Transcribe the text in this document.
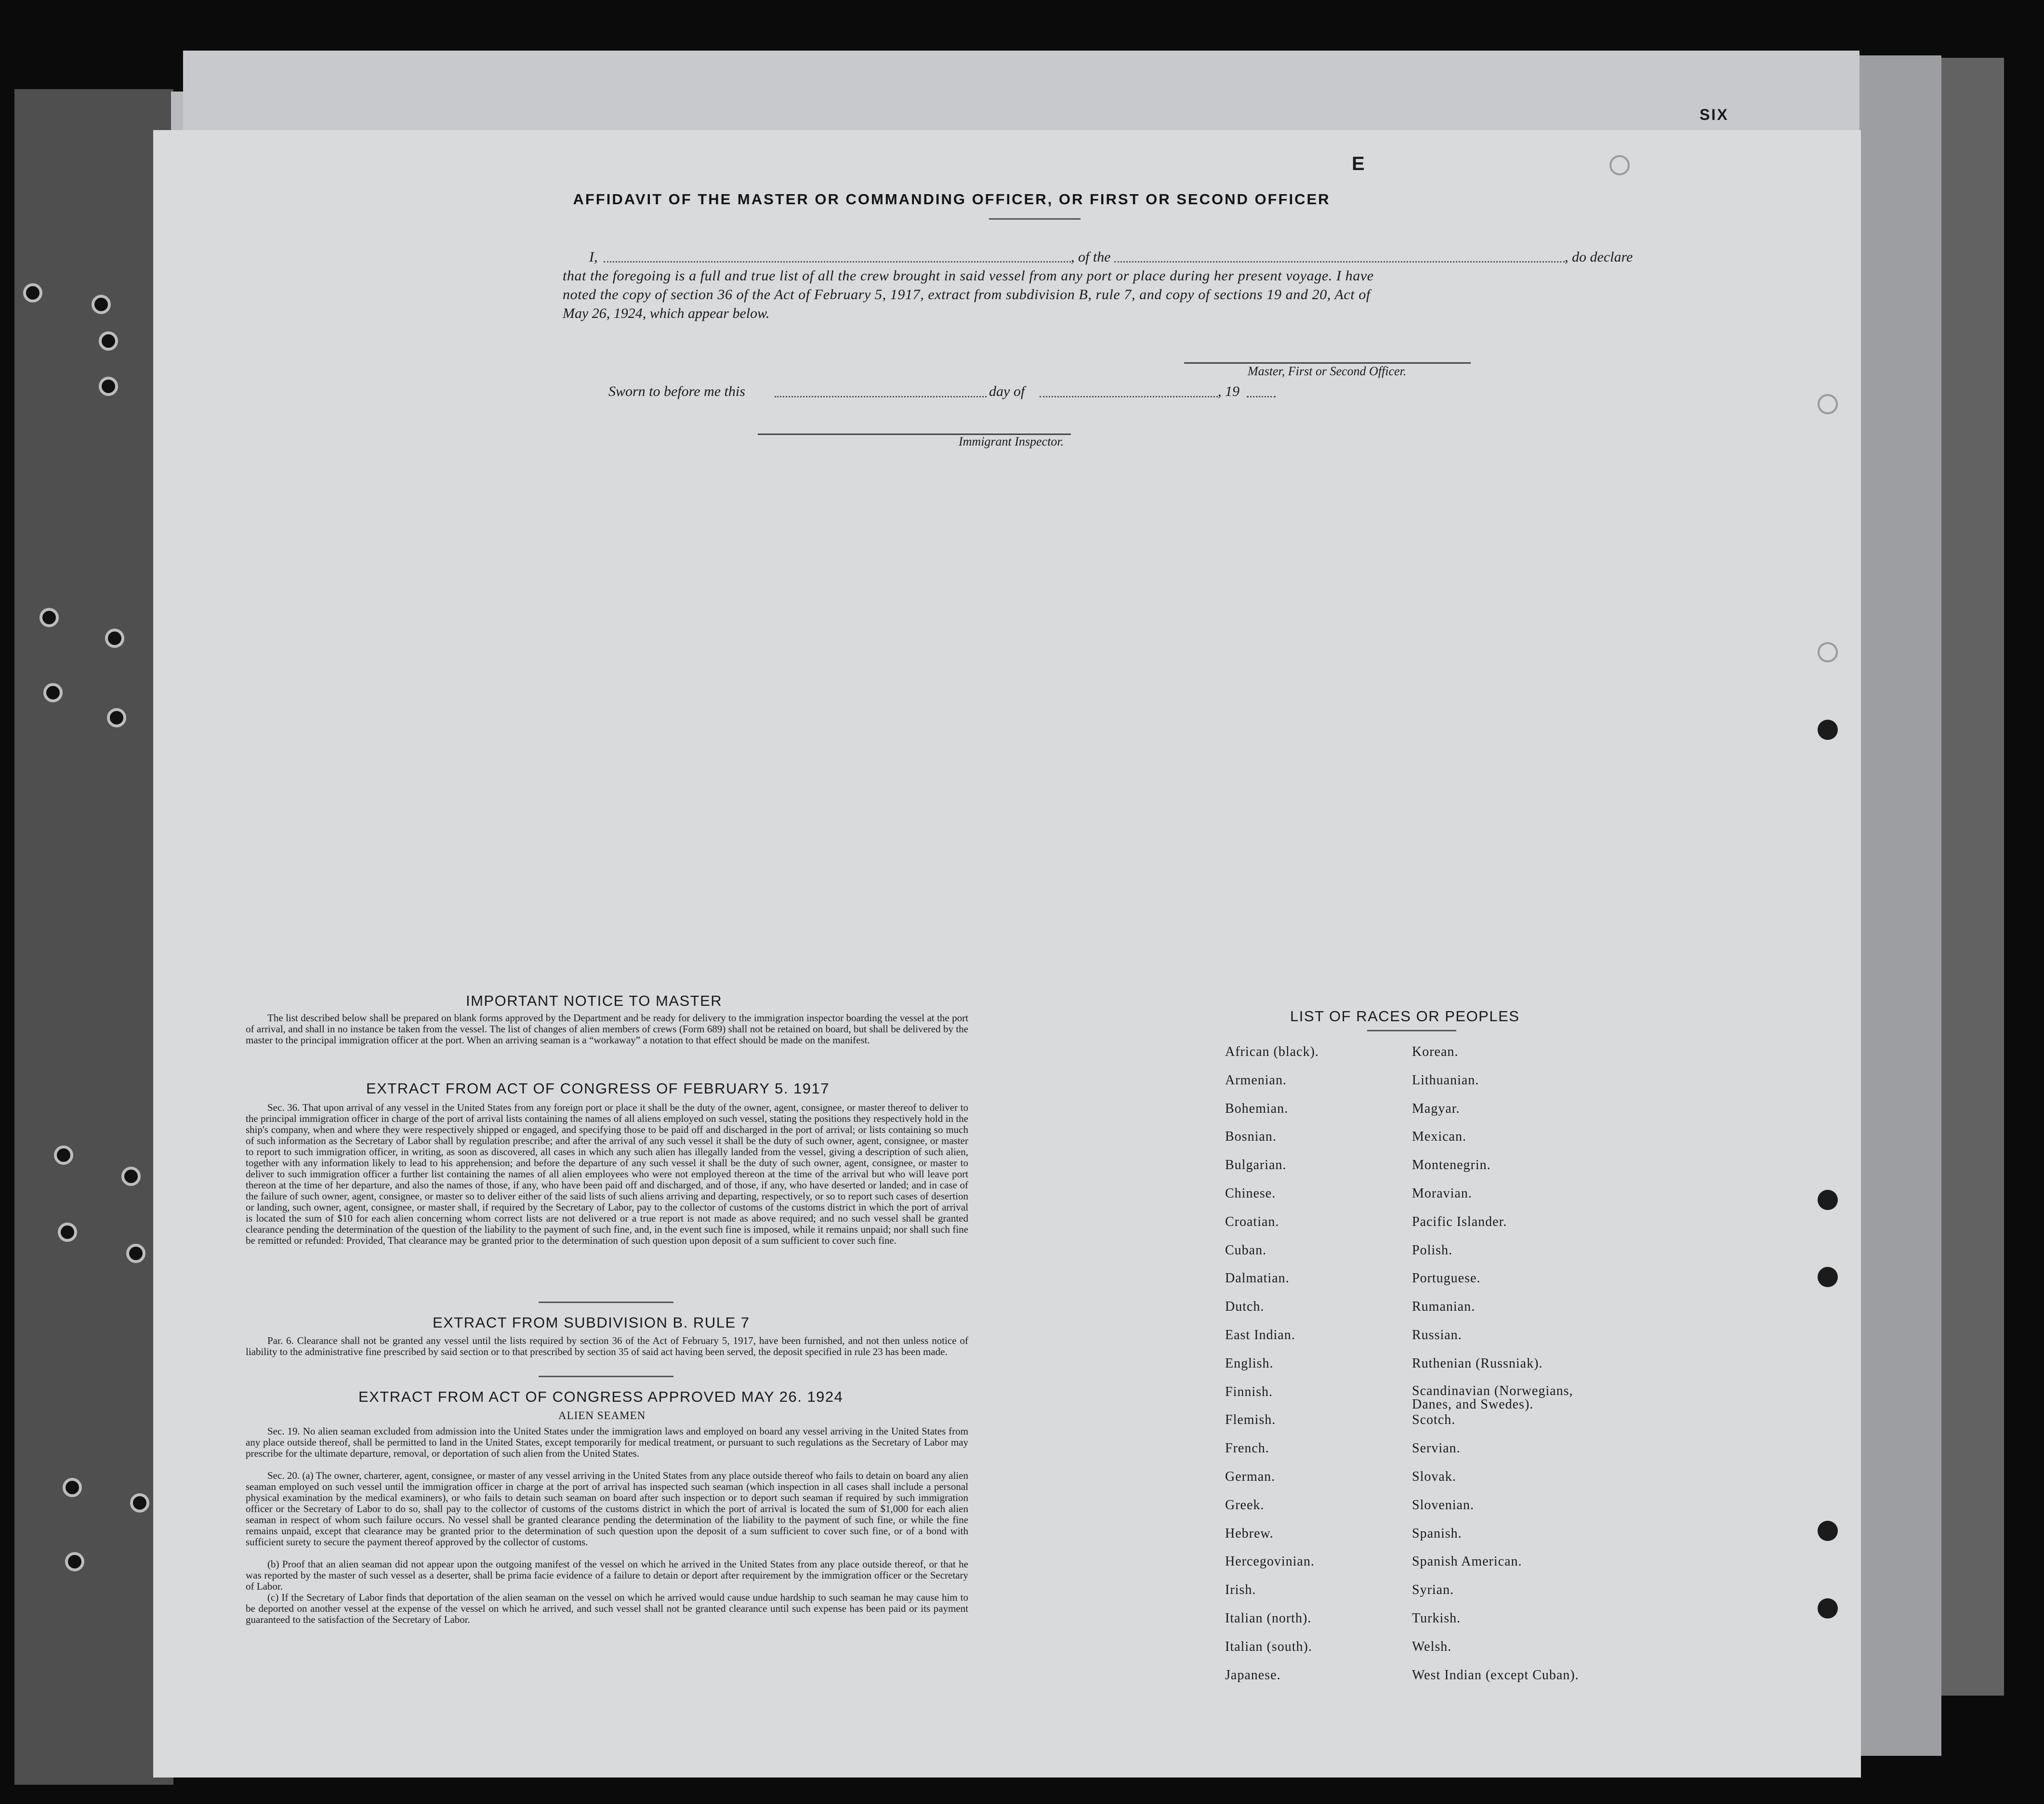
SIX
E
AFFIDAVIT OF THE MASTER OR COMMANDING OFFICER, OR FIRST OR SECOND OFFICER
I,	, of the	, do declare
that the foregoing is a full and true list of all the crew brought in said vessel from any port or place during her present voyage. I have
noted the copy of section 36 of the Act of February 5, 1917, extract from subdivision B, rule 7, and copy of sections 19 and 20, Act of
May 26, 1924, which appear below.
Master, First or Second Officer.
Sworn to before me this	day of	, 19
Immigrant Inspector.
IMPORTANT NOTICE TO MASTER
The list described below shall be prepared on blank forms approved by the Department and be ready for delivery to the immigration inspector boarding the vessel at the port of arrival, and shall in no instance be taken from the vessel. The list of changes of alien members of crews (Form 689) shall not be retained on board, but shall be delivered by the master to the principal immigration officer at the port. When an arriving seaman is a “workaway” a notation to that effect should be made on the manifest.
EXTRACT FROM ACT OF CONGRESS OF FEBRUARY 5. 1917
Sec. 36. That upon arrival of any vessel in the United States from any foreign port or place it shall be the duty of the owner, agent, consignee, or master thereof to deliver to the principal immigration officer in charge of the port of arrival lists containing the names of all aliens employed on such vessel, stating the positions they respectively hold in the ship's company, when and where they were respectively shipped or engaged, and specifying those to be paid off and discharged in the port of arrival; or lists containing so much of such information as the Secretary of Labor shall by regulation prescribe; and after the arrival of any such vessel it shall be the duty of such owner, agent, consignee, or master to report to such immigration officer, in writing, as soon as discovered, all cases in which any such alien has illegally landed from the vessel, giving a description of such alien, together with any information likely to lead to his apprehension; and before the departure of any such vessel it shall be the duty of such owner, agent, consignee, or master to deliver to such immigration officer a further list containing the names of all alien employees who were not employed thereon at the time of the arrival but who will leave port thereon at the time of her departure, and also the names of those, if any, who have been paid off and discharged, and of those, if any, who have deserted or landed; and in case of the failure of such owner, agent, consignee, or master so to deliver either of the said lists of such aliens arriving and departing, respectively, or so to report such cases of desertion or landing, such owner, agent, consignee, or master shall, if required by the Secretary of Labor, pay to the collector of customs of the customs district in which the port of arrival is located the sum of $10 for each alien concerning whom correct lists are not delivered or a true report is not made as above required; and no such vessel shall be granted clearance pending the determination of the question of the liability to the payment of such fine, and, in the event such fine is imposed, while it remains unpaid; nor shall such fine be remitted or refunded: Provided, That clearance may be granted prior to the determination of such question upon deposit of a sum sufficient to cover such fine.
EXTRACT FROM SUBDIVISION B. RULE 7
Par. 6. Clearance shall not be granted any vessel until the lists required by section 36 of the Act of February 5, 1917, have been furnished, and not then unless notice of liability to the administrative fine prescribed by said section or to that prescribed by section 35 of said act having been served, the deposit specified in rule 23 has been made.
EXTRACT FROM ACT OF CONGRESS APPROVED MAY 26. 1924
ALIEN SEAMEN
Sec. 19. No alien seaman excluded from admission into the United States under the immigration laws and employed on board any vessel arriving in the United States from any place outside thereof, shall be permitted to land in the United States, except temporarily for medical treatment, or pursuant to such regulations as the Secretary of Labor may prescribe for the ultimate departure, removal, or deportation of such alien from the United States.
Sec. 20. (a) The owner, charterer, agent, consignee, or master of any vessel arriving in the United States from any place outside thereof who fails to detain on board any alien seaman employed on such vessel until the immigration officer in charge at the port of arrival has inspected such seaman (which inspection in all cases shall include a personal physical examination by the medical examiners), or who fails to detain such seaman on board after such inspection or to deport such seaman if required by such immigration officer or the Secretary of Labor to do so, shall pay to the collector of customs of the customs district in which the port of arrival is located the sum of $1,000 for each alien seaman in respect of whom such failure occurs. No vessel shall be granted clearance pending the determination of the liability to the payment of such fine, or while the fine remains unpaid, except that clearance may be granted prior to the determination of such question upon the deposit of a sum sufficient to cover such fine, or of a bond with sufficient surety to secure the payment thereof approved by the collector of customs.
(b) Proof that an alien seaman did not appear upon the outgoing manifest of the vessel on which he arrived in the United States from any place outside thereof, or that he was reported by the master of such vessel as a deserter, shall be prima facie evidence of a failure to detain or deport after requirement by the immigration officer or the Secretary of Labor.
(c) If the Secretary of Labor finds that deportation of the alien seaman on the vessel on which he arrived would cause undue hardship to such seaman he may cause him to be deported on another vessel at the expense of the vessel on which he arrived, and such vessel shall not be granted clearance until such expense has been paid or its payment guaranteed to the satisfaction of the Secretary of Labor.
LIST OF RACES OR PEOPLES
African (black).	Korean.
Armenian.	Lithuanian.
Bohemian.	Magyar.
Bosnian.	Mexican.
Bulgarian.	Montenegrin.
Chinese.	Moravian.
Croatian.	Pacific Islander.
Cuban.	Polish.
Dalmatian.	Portuguese.
Dutch.	Rumanian.
East Indian.	Russian.
English.	Ruthenian (Russniak).
Finnish.	Scandinavian (Norwegians, Danes, and Swedes).
Flemish.	Scotch.
French.	Servian.
German.	Slovak.
Greek.	Slovenian.
Hebrew.	Spanish.
Hercegovinian.	Spanish American.
Irish.	Syrian.
Italian (north).	Turkish.
Italian (south).	Welsh.
Japanese.	West Indian (except Cuban).
